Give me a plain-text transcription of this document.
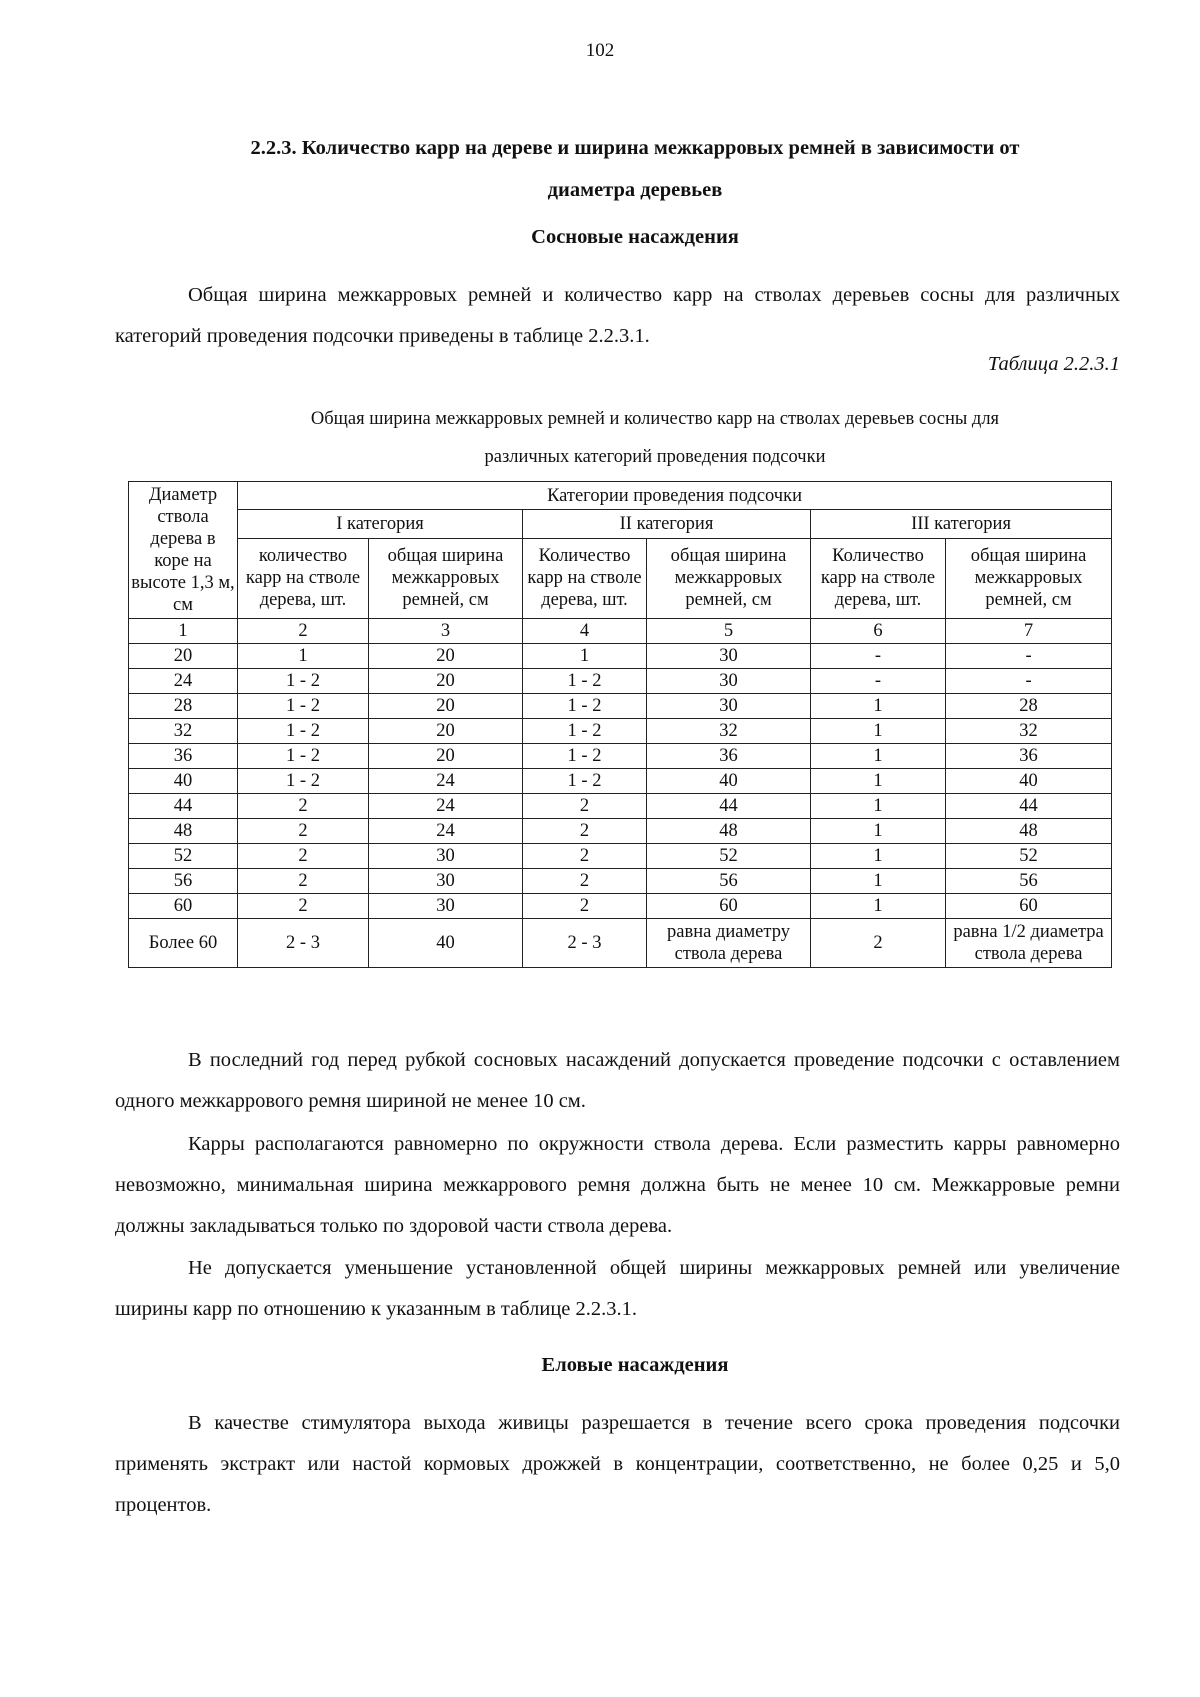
102
2.2.3. Количество карр на дереве и ширина межкарровых ремней в зависимости от
диаметра деревьев
Сосновые насаждения

Общая ширина межкарровых ремней и количество карр на стволах деревьев сосны для различных категорий проведения подсочки приведены в таблице 2.2.3.1.

Таблица 2.2.3.1
Общая ширина межкарровых ремней и количество карр на стволах деревьев сосны для
различных категорий проведения подсочки
Диаметр ствола дерева в коре на высоте 1,3 м, см	Категории проведения подсочки					
	I категория		II категория		III категория	
	количество карр на стволе дерева, шт.	общая ширина межкарровых ремней, см	Количество карр на стволе дерева, шт.	общая ширина межкарровых ремней, см	Количество карр на стволе дерева, шт.	общая ширина межкарровых ремней, см
1	2	3	4	5	6	7
20	1	20	1	30	-	-
24	1 - 2	20	1 - 2	30	-	-
28	1 - 2	20	1 - 2	30	1	28
32	1 - 2	20	1 - 2	32	1	32
36	1 - 2	20	1 - 2	36	1	36
40	1 - 2	24	1 - 2	40	1	40
44	2	24	2	44	1	44
48	2	24	2	48	1	48
52	2	30	2	52	1	52
56	2	30	2	56	1	56
60	2	30	2	60	1	60
Более 60	2 - 3	40	2 - 3	равна диаметру ствола дерева	2	равна 1/2 диаметра ствола дерева

В последний год перед рубкой сосновых насаждений допускается проведение подсочки с оставлением одного межкаррового ремня шириной не менее 10 см.

Карры располагаются равномерно по окружности ствола дерева. Если разместить карры равномерно невозможно, минимальная ширина межкаррового ремня должна быть не менее 10 см. Межкарровые ремни должны закладываться только по здоровой части ствола дерева.

Не допускается уменьшение установленной общей ширины межкарровых ремней или увеличение ширины карр по отношению к указанным в таблице 2.2.3.1.

Еловые насаждения

В качестве стимулятора выхода живицы разрешается в течение всего срока проведения подсочки применять экстракт или настой кормовых дрожжей в концентрации, соответственно, не более 0,25 и 5,0 процентов.
